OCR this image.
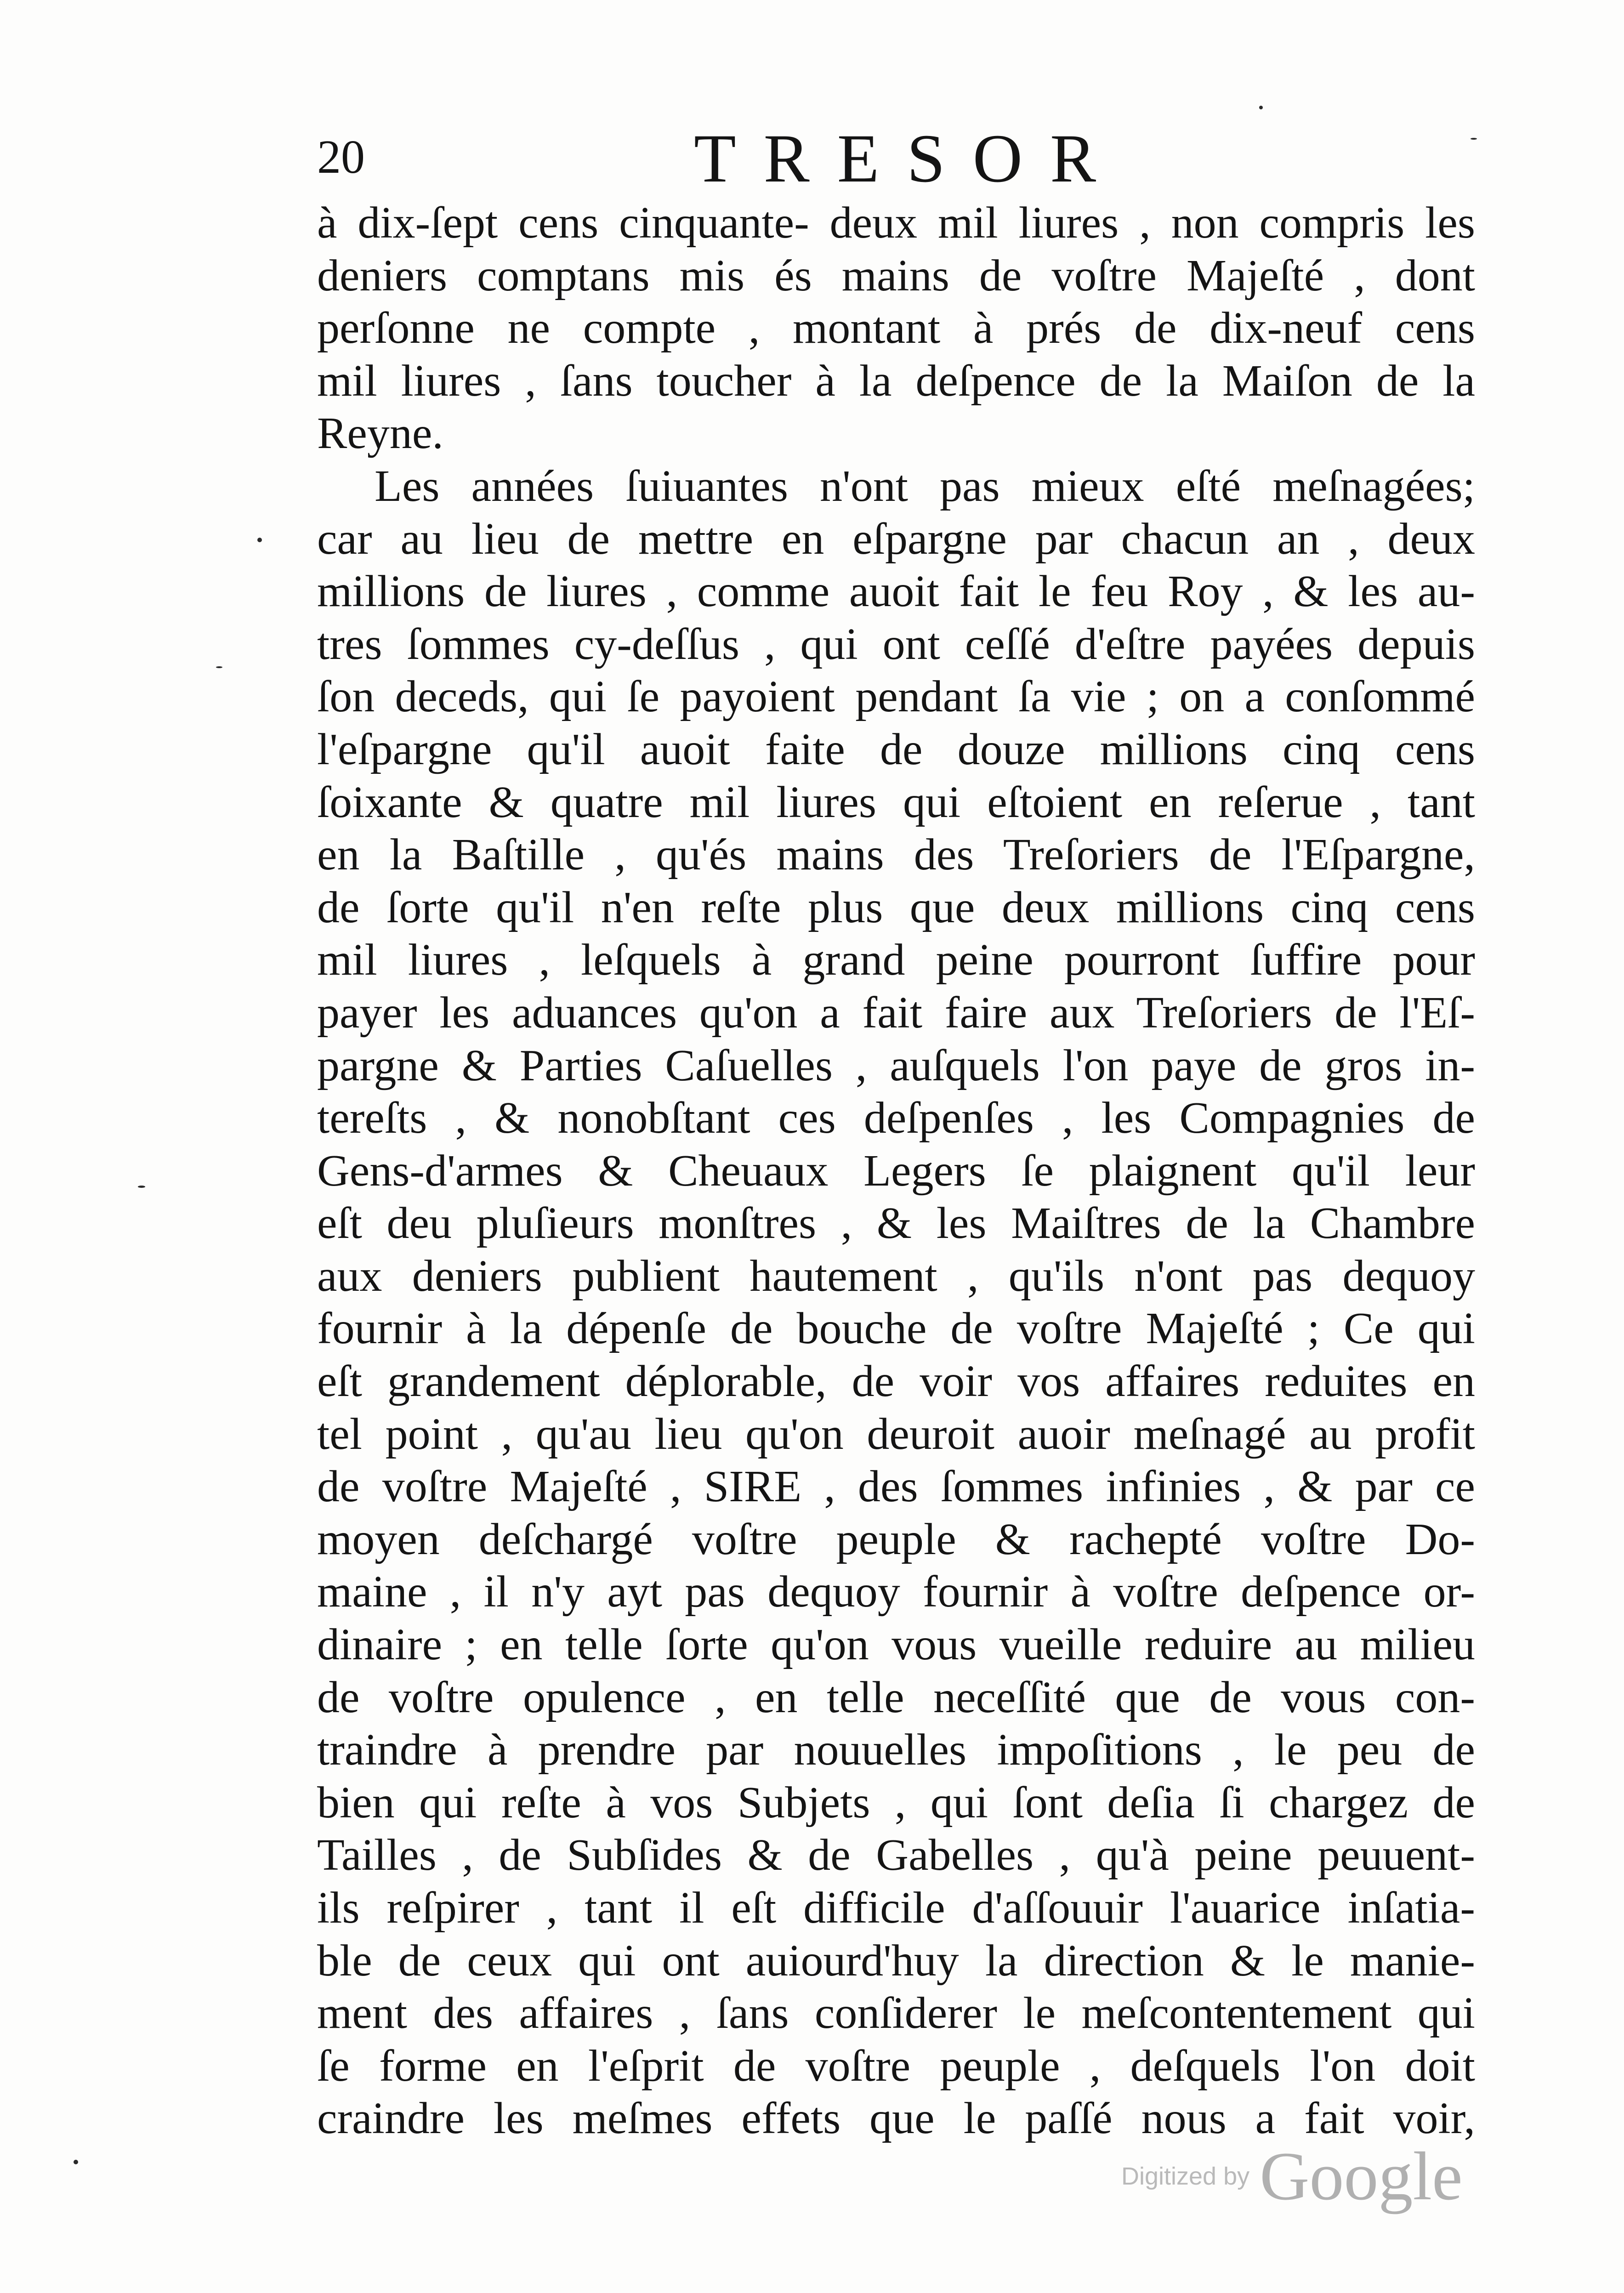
20	TRESOR
à dix-ſept cens cinquante- deux mil liures , non compris les
deniers comptans mis és mains de voſtre Majeſté , dont
perſonne ne compte , montant à prés de dix-neuf cens
mil liures , ſans toucher à la deſpence de la Maiſon de la
Reyne.
Les années ſuiuantes n'ont pas mieux eſté meſnagées;
car au lieu de mettre en eſpargne par chacun an , deux
millions de liures , comme auoit fait le feu Roy , & les au-
tres ſommes cy-deſſus , qui ont ceſſé d'eſtre payées depuis
ſon deceds, qui ſe payoient pendant ſa vie ; on a conſommé
l'eſpargne qu'il auoit faite de douze millions cinq cens
ſoixante & quatre mil liures qui eſtoient en reſerue , tant
en la Baſtille , qu'és mains des Treſoriers de l'Eſpargne,
de ſorte qu'il n'en reſte plus que deux millions cinq cens
mil liures , leſquels à grand peine pourront ſuffire pour
payer les aduances qu'on a fait faire aux Treſoriers de l'Eſ-
pargne & Parties Caſuelles , auſquels l'on paye de gros in-
tereſts , & nonobſtant ces deſpenſes , les Compagnies de
Gens-d'armes & Cheuaux Legers ſe plaignent qu'il leur
eſt deu pluſieurs monſtres , & les Maiſtres de la Chambre
aux deniers publient hautement , qu'ils n'ont pas dequoy
fournir à la dépenſe de bouche de voſtre Majeſté ; Ce qui
eſt grandement déplorable, de voir vos affaires reduites en
tel point , qu'au lieu qu'on deuroit auoir meſnagé au profit
de voſtre Majeſté , SIRE , des ſommes infinies , & par ce
moyen deſchargé voſtre peuple & rachepté voſtre Do-
maine , il n'y ayt pas dequoy fournir à voſtre deſpence or-
dinaire ; en telle ſorte qu'on vous vueille reduire au milieu
de voſtre opulence , en telle neceſſité que de vous con-
traindre à prendre par nouuelles impoſitions , le peu de
bien qui reſte à vos Subjets , qui ſont deſia ſi chargez de
Tailles , de Subſides & de Gabelles , qu'à peine peuuent-
ils reſpirer , tant il eſt difficile d'aſſouuir l'auarice inſatia-
ble de ceux qui ont auiourd'huy la direction & le manie-
ment des affaires , ſans conſiderer le meſcontentement qui
ſe forme en l'eſprit de voſtre peuple , deſquels l'on doit
craindre les meſmes effets que le paſſé nous a fait voir,
Digitized by Google
